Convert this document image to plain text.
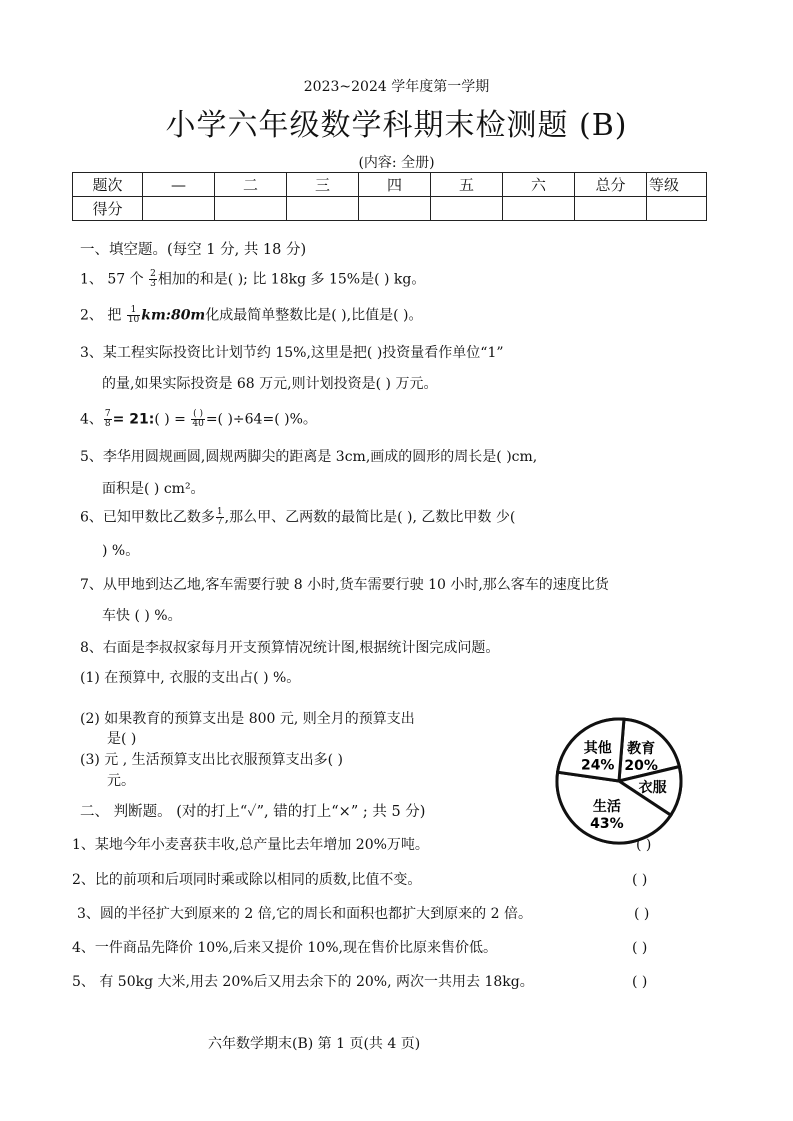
2023~2024 学年度第一学期
小学六年级数学科期末检测题 (B)
(内容: 全册)
题次	—	二	三	四	五	六	总分	等级
得分								
一、填空题。(每空 1 分, 共 18 分)
1、 57 个 $\frac{2}{3}$ 相加的和是( ); 比 18kg 多 15%是( ) kg。
2、 把 $\frac{1}{10}$ km:80m化成最简单整数比是( ),比值是( )。
3、某工程实际投资比计划节约 15%,这里是把( )投资量看作单位“1”
的量,如果实际投资是 68 万元,则计划投资是( ) 万元。
4、 $\frac{7}{8}$ = 21:( ) = $\frac{( )}{40}$ =( )÷64=( )%。
5、李华用圆规画圆,圆规两脚尖的距离是 3cm,画成的圆形的周长是( )cm,
面积是( ) cm²。
6、已知甲数比乙数多 $\frac{1}{7}$ ,那么甲、乙两数的最简比是( ), 乙数比甲数 少(
) %。
7、从甲地到达乙地,客车需要行驶 8 小时,货车需要行驶 10 小时,那么客车的速度比货
车快 ( ) %。
8、右面是李叔叔家每月开支预算情况统计图,根据统计图完成问题。
(1) 在预算中, 衣服的支出占( ) %。
(2) 如果教育的预算支出是 800 元, 则全月的预算支出
是( )
(3) 元 , 生活预算支出比衣服预算支出多( )
元。
教育
20%
衣服
生活
43%
其他
24%
二、 判断题。 (对的打上“✓”, 错的打上“×” ; 共 5 分)
1、某地今年小麦喜获丰收,总产量比去年增加 20%万吨。	( )
2、比的前项和后项同时乘或除以相同的质数,比值不变。	( )
3、圆的半径扩大到原来的 2 倍,它的周长和面积也都扩大到原来的 2 倍。	( )
4、一件商品先降价 10%,后来又提价 10%,现在售价比原来售价低。	( )
5、 有 50kg 大米,用去 20%后又用去余下的 20%, 两次一共用去 18kg。	( )
六年数学期末(B) 第 1 页(共 4 页)
